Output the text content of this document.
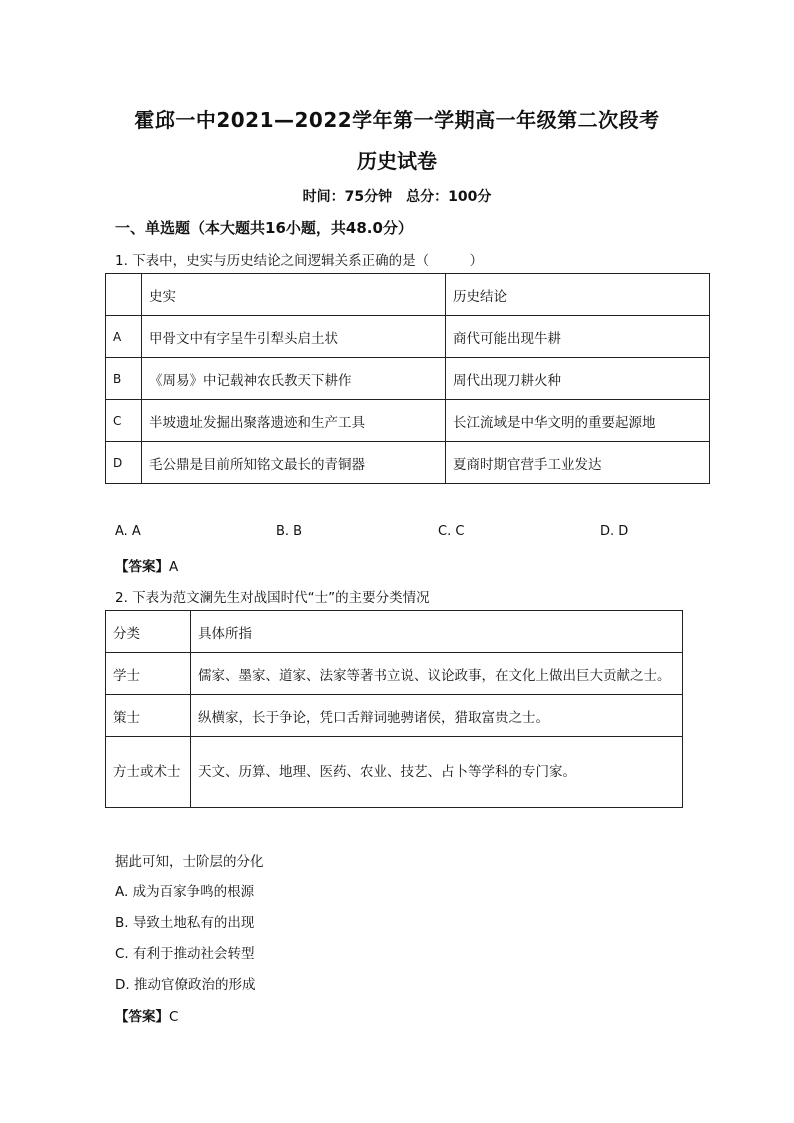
霍邱一中2021—2022学年第一学期高一年级第二次段考
历史试卷
时间：75分钟　总分：100分
一、单选题（本大题共16小题，共48.0分）
1. 下表中，史实与历史结论之间逻辑关系正确的是（　　　）
	史实	历史结论
A	甲骨文中有字呈牛引犁头启土状	商代可能出现牛耕
B	《周易》中记载神农氏教天下耕作	周代出现刀耕火种
C	半坡遗址发掘出聚落遗迹和生产工具	长江流域是中华文明的重要起源地
D	毛公鼎是目前所知铭文最长的青铜器	夏商时期官营手工业发达
A. A	B. B	C. C	D. D
【答案】A
2. 下表为范文澜先生对战国时代“士”的主要分类情况
分类	具体所指
学士	儒家、墨家、道家、法家等著书立说、议论政事，在文化上做出巨大贡献之士。
策士	纵横家，长于争论，凭口舌辩词驰骋诸侯，猎取富贵之士。
方士或术士	天文、历算、地理、医药、农业、技艺、占卜等学科的专门家。
据此可知，士阶层的分化
A. 成为百家争鸣的根源
B. 导致土地私有的出现
C. 有利于推动社会转型
D. 推动官僚政治的形成
【答案】C
